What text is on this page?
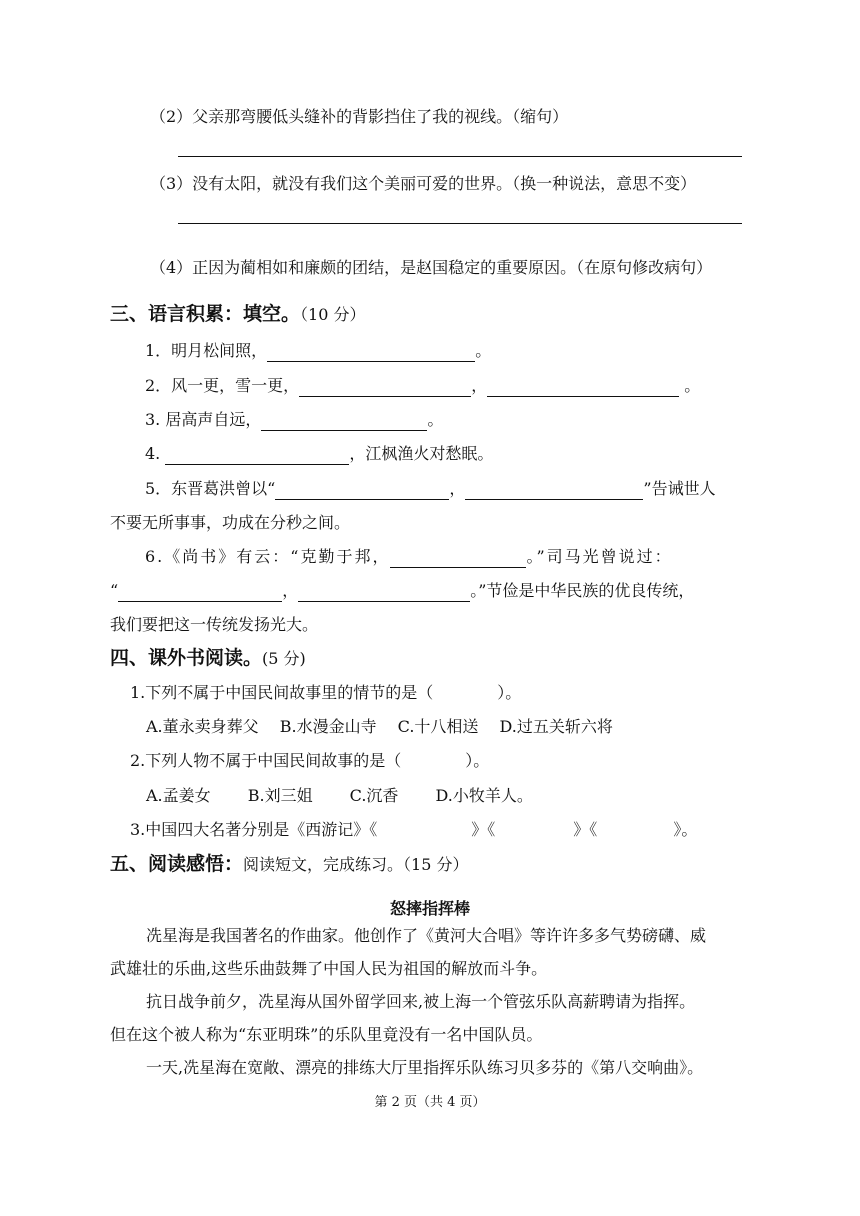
（2）父亲那弯腰低头缝补的背影挡住了我的视线。（缩句）
（3）没有太阳，就没有我们这个美丽可爱的世界。（换一种说法，意思不变）
（4）正因为蔺相如和廉颇的团结，是赵国稳定的重要原因。（在原句修改病句）
三、语言积累：填空。（10 分）
1．明月松间照，	。
2．风一更，雪一更，	，	。
3. 居高声自远，	。
4.	，江枫渔火对愁眠。
5．东晋葛洪曾以“	，	”告诫世人
不要无所事事，功成在分秒之间。
6.《尚书》有云：“克勤于邦，	。”司马光曾说过：
“	，	。”节俭是中华民族的优良传统，
我们要把这一传统发扬光大。
四、课外书阅读。(5 分)
1.下列不属于中国民间故事里的情节的是（　　　　）。
A.董永卖身葬父　 B.水漫金山寺　 C.十八相送　 D.过五关斩六将
2.下列人物不属于中国民间故事的是（　　　　）。
A.孟姜女　　 B.刘三姐　　 C.沉香　　 D.小牧羊人。
3.中国四大名著分别是《西游记》《	》《	》《	》。
五、阅读感悟：阅读短文，完成练习。（15 分）
怒摔指挥棒
冼星海是我国著名的作曲家。他创作了《黄河大合唱》等许许多多气势磅礴、威
武雄壮的乐曲,这些乐曲鼓舞了中国人民为祖国的解放而斗争。
抗日战争前夕，冼星海从国外留学回来,被上海一个管弦乐队高薪聘请为指挥。
但在这个被人称为“东亚明珠”的乐队里竟没有一名中国队员。
一天,冼星海在宽敞、漂亮的排练大厅里指挥乐队练习贝多芬的《第八交响曲》。
第 2 页（共 4 页）
